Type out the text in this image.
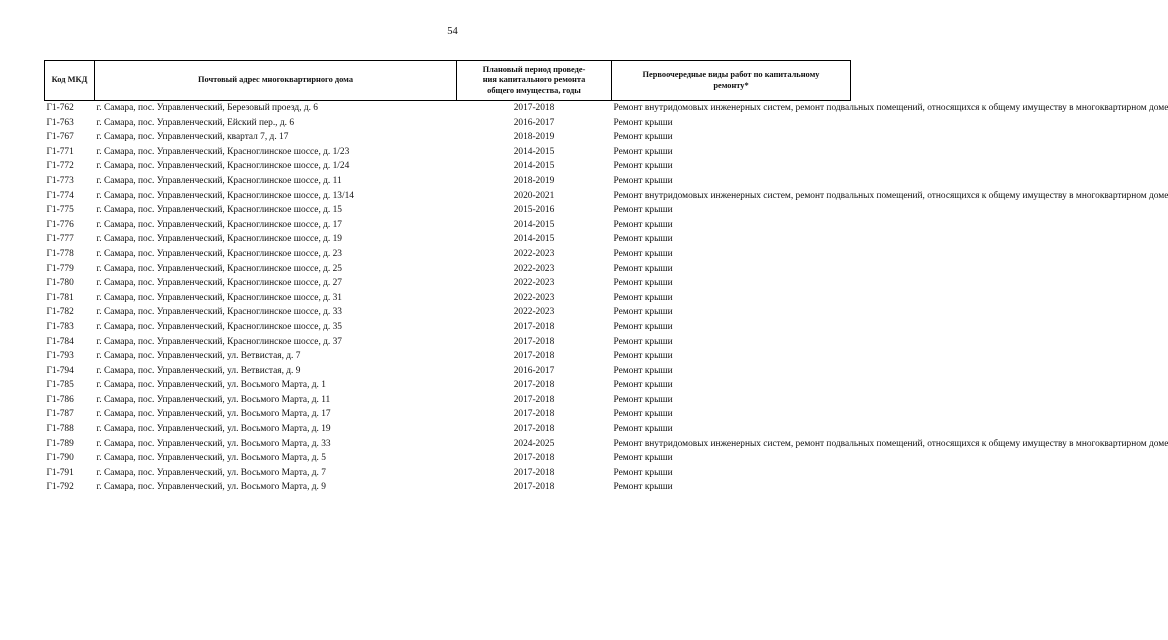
54
Код МКД	Почтовый адрес многоквартирного дома	Плановый период проведе-
ния капитального ремонта
общего имущества, годы	Первоочередные виды работ по капитальному
ремонту*
Г1-762	г. Самара, пос. Управленческий, Березовый проезд, д. 6	2017-2018	Ремонт внутридомовых инженерных систем, ремонт подвальных помещений, относящихся к общему имуществу в многоквартирном доме
Г1-763	г. Самара, пос. Управленческий, Ейский пер., д. 6	2016-2017	Ремонт крыши
Г1-767	г. Самара, пос. Управленческий, квартал 7, д. 17	2018-2019	Ремонт крыши
Г1-771	г. Самара, пос. Управленческий, Красноглинское шоссе, д. 1/23	2014-2015	Ремонт крыши
Г1-772	г. Самара, пос. Управленческий, Красноглинское шоссе, д. 1/24	2014-2015	Ремонт крыши
Г1-773	г. Самара, пос. Управленческий, Красноглинское шоссе, д. 11	2018-2019	Ремонт крыши
Г1-774	г. Самара, пос. Управленческий, Красноглинское шоссе, д. 13/14	2020-2021	Ремонт внутридомовых инженерных систем, ремонт подвальных помещений, относящихся к общему имуществу в многоквартирном доме
Г1-775	г. Самара, пос. Управленческий, Красноглинское шоссе, д. 15	2015-2016	Ремонт крыши
Г1-776	г. Самара, пос. Управленческий, Красноглинское шоссе, д. 17	2014-2015	Ремонт крыши
Г1-777	г. Самара, пос. Управленческий, Красноглинское шоссе, д. 19	2014-2015	Ремонт крыши
Г1-778	г. Самара, пос. Управленческий, Красноглинское шоссе, д. 23	2022-2023	Ремонт крыши
Г1-779	г. Самара, пос. Управленческий, Красноглинское шоссе, д. 25	2022-2023	Ремонт крыши
Г1-780	г. Самара, пос. Управленческий, Красноглинское шоссе, д. 27	2022-2023	Ремонт крыши
Г1-781	г. Самара, пос. Управленческий, Красноглинское шоссе, д. 31	2022-2023	Ремонт крыши
Г1-782	г. Самара, пос. Управленческий, Красноглинское шоссе, д. 33	2022-2023	Ремонт крыши
Г1-783	г. Самара, пос. Управленческий, Красноглинское шоссе, д. 35	2017-2018	Ремонт крыши
Г1-784	г. Самара, пос. Управленческий, Красноглинское шоссе, д. 37	2017-2018	Ремонт крыши
Г1-793	г. Самара, пос. Управленческий, ул. Ветвистая, д. 7	2017-2018	Ремонт крыши
Г1-794	г. Самара, пос. Управленческий, ул. Ветвистая, д. 9	2016-2017	Ремонт крыши
Г1-785	г. Самара, пос. Управленческий, ул. Восьмого Марта, д. 1	2017-2018	Ремонт крыши
Г1-786	г. Самара, пос. Управленческий, ул. Восьмого Марта, д. 11	2017-2018	Ремонт крыши
Г1-787	г. Самара, пос. Управленческий, ул. Восьмого Марта, д. 17	2017-2018	Ремонт крыши
Г1-788	г. Самара, пос. Управленческий, ул. Восьмого Марта, д. 19	2017-2018	Ремонт крыши
Г1-789	г. Самара, пос. Управленческий, ул. Восьмого Марта, д. 33	2024-2025	Ремонт внутридомовых инженерных систем, ремонт подвальных помещений, относящихся к общему имуществу в многоквартирном доме
Г1-790	г. Самара, пос. Управленческий, ул. Восьмого Марта, д. 5	2017-2018	Ремонт крыши
Г1-791	г. Самара, пос. Управленческий, ул. Восьмого Марта, д. 7	2017-2018	Ремонт крыши
Г1-792	г. Самара, пос. Управленческий, ул. Восьмого Марта, д. 9	2017-2018	Ремонт крыши
